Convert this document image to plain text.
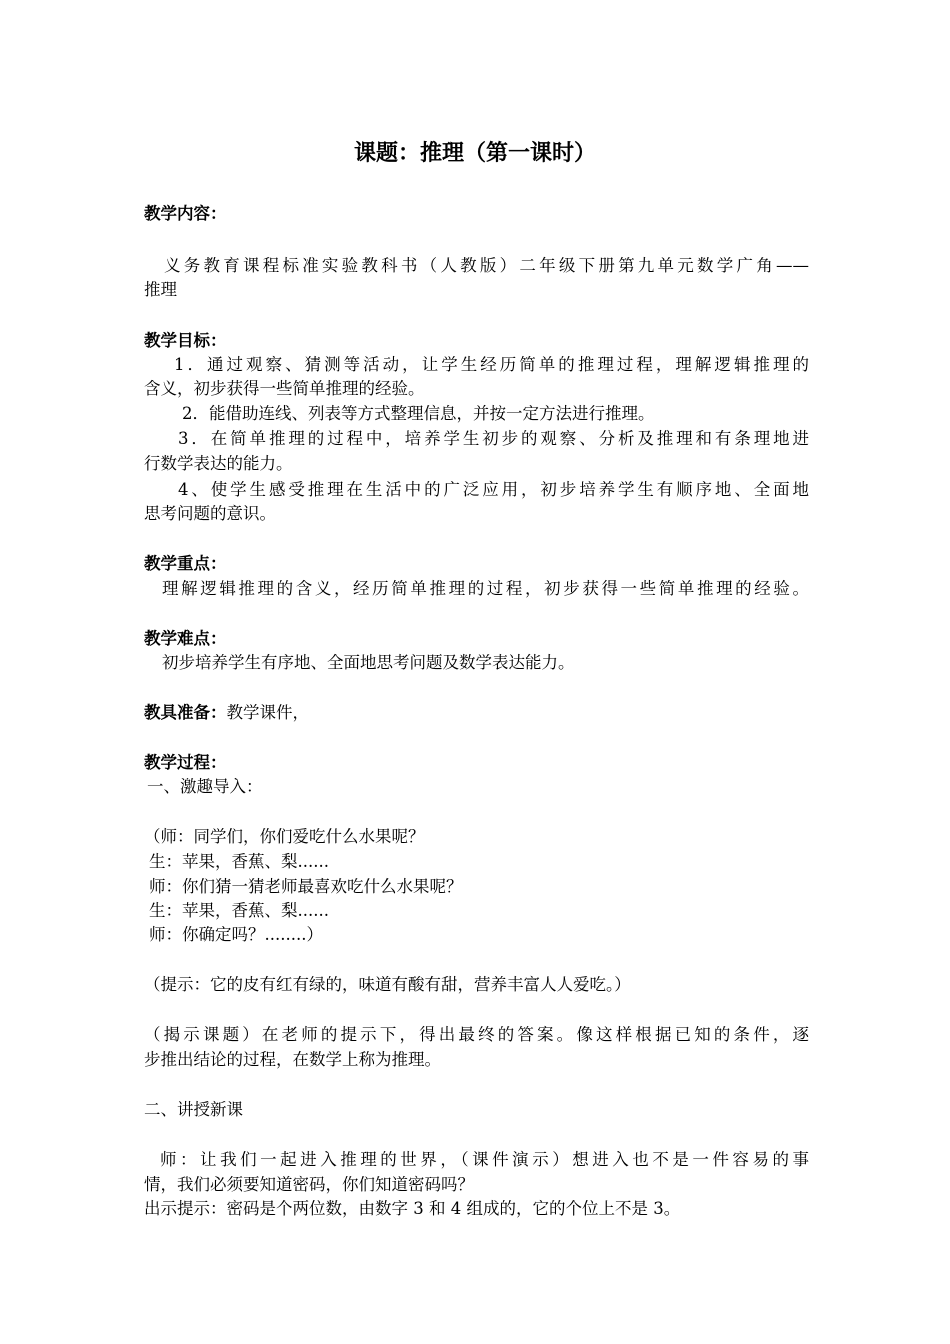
课题：推理（第一课时）
教学内容：
义务教育课程标准实验教科书（人教版）二年级下册第九单元数学广角——
推理
教学目标：
1．通过观察、猜测等活动，让学生经历简单的推理过程，理解逻辑推理的
含义，初步获得一些简单推理的经验。
2．能借助连线、列表等方式整理信息，并按一定方法进行推理。
3．在简单推理的过程中，培养学生初步的观察、分析及推理和有条理地进
行数学表达的能力。
4、使学生感受推理在生活中的广泛应用，初步培养学生有顺序地、全面地
思考问题的意识。
教学重点：
理解逻辑推理的含义，经历简单推理的过程，初步获得一些简单推理的经验。
教学难点：
初步培养学生有序地、全面地思考问题及数学表达能力。
教具准备：教学课件，
教学过程：
一、激趣导入：
（师：同学们，你们爱吃什么水果呢？
生：苹果，香蕉、梨......
师：你们猜一猜老师最喜欢吃什么水果呢？
生：苹果，香蕉、梨......
师：你确定吗？........）
（提示：它的皮有红有绿的，味道有酸有甜，营养丰富人人爱吃。）
（揭示课题）在老师的提示下，得出最终的答案。像这样根据已知的条件，逐
步推出结论的过程，在数学上称为推理。
二、讲授新课
师：让我们一起进入推理的世界，（课件演示）想进入也不是一件容易的事
情，我们必须要知道密码，你们知道密码吗？
出示提示：密码是个两位数，由数字 3 和 4 组成的，它的个位上不是 3。
